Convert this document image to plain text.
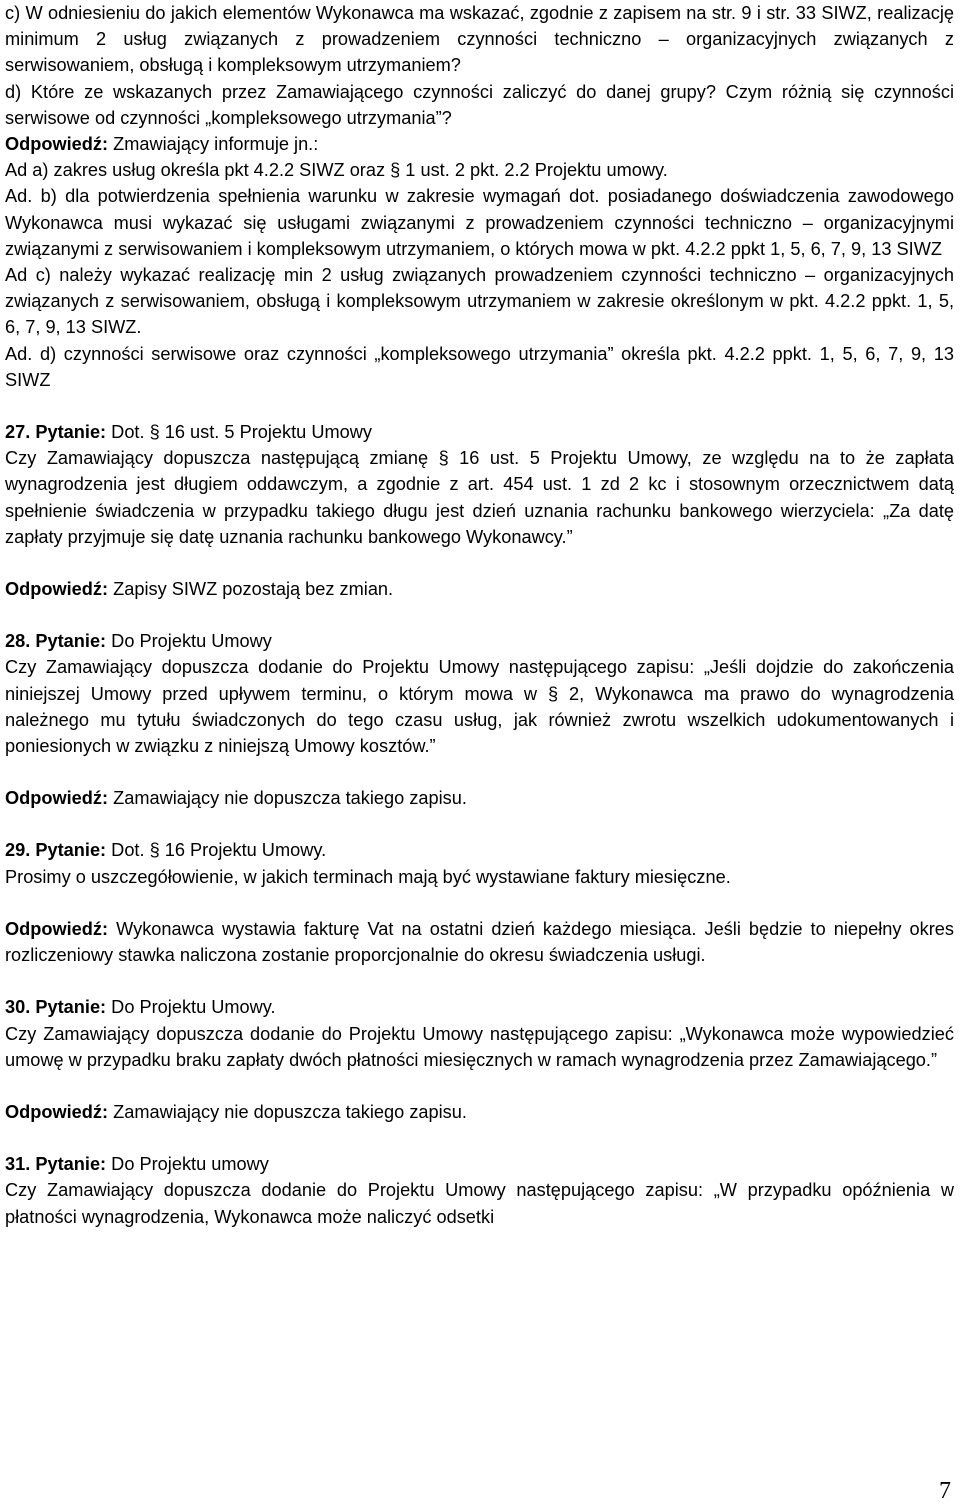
c) W odniesieniu do jakich elementów Wykonawca ma wskazać, zgodnie z zapisem na str. 9 i str. 33 SIWZ, realizację minimum 2 usług związanych z prowadzeniem czynności techniczno – organizacyjnych związanych z serwisowaniem, obsługą i kompleksowym utrzymaniem?

d) Które ze wskazanych przez Zamawiającego czynności zaliczyć do danej grupy? Czym różnią się czynności serwisowe od czynności „kompleksowego utrzymania”?

Odpowiedź: Zmawiający informuje jn.:

Ad a) zakres usług określa pkt 4.2.2 SIWZ oraz § 1 ust. 2 pkt. 2.2 Projektu umowy.

Ad. b) dla potwierdzenia spełnienia warunku w zakresie wymagań dot. posiadanego doświadczenia zawodowego Wykonawca musi wykazać się usługami związanymi z prowadzeniem czynności techniczno – organizacyjnymi związanymi z serwisowaniem i kompleksowym utrzymaniem, o których mowa w pkt. 4.2.2 ppkt 1, 5, 6, 7, 9, 13 SIWZ

Ad c) należy wykazać realizację min 2 usług związanych prowadzeniem czynności techniczno – organizacyjnych związanych z serwisowaniem, obsługą i kompleksowym utrzymaniem w zakresie określonym w pkt. 4.2.2 ppkt. 1, 5, 6, 7, 9, 13 SIWZ.

Ad. d) czynności serwisowe oraz czynności „kompleksowego utrzymania” określa pkt. 4.2.2 ppkt. 1, 5, 6, 7, 9, 13 SIWZ

27. Pytanie: Dot. § 16 ust. 5 Projektu Umowy

Czy Zamawiający dopuszcza następującą zmianę § 16 ust. 5 Projektu Umowy, ze względu na to że zapłata wynagrodzenia jest długiem oddawczym, a zgodnie z art. 454 ust. 1 zd 2 kc i stosownym orzecznictwem datą spełnienie świadczenia w przypadku takiego długu jest dzień uznania rachunku bankowego wierzyciela: „Za datę zapłaty przyjmuje się datę uznania rachunku bankowego Wykonawcy.”

Odpowiedź: Zapisy SIWZ pozostają bez zmian.

28. Pytanie: Do Projektu Umowy

Czy Zamawiający dopuszcza dodanie do Projektu Umowy następującego zapisu: „Jeśli dojdzie do zakończenia niniejszej Umowy przed upływem terminu, o którym mowa w § 2, Wykonawca ma prawo do wynagrodzenia należnego mu tytułu świadczonych do tego czasu usług, jak również zwrotu wszelkich udokumentowanych i poniesionych w związku z niniejszą Umowy kosztów.”

Odpowiedź: Zamawiający nie dopuszcza takiego zapisu.

29. Pytanie: Dot. § 16 Projektu Umowy.

Prosimy o uszczegółowienie, w jakich terminach mają być wystawiane faktury miesięczne.

Odpowiedź: Wykonawca wystawia fakturę Vat na ostatni dzień każdego miesiąca. Jeśli będzie to niepełny okres rozliczeniowy stawka naliczona zostanie proporcjonalnie do okresu świadczenia usługi.

30. Pytanie: Do Projektu Umowy.

Czy Zamawiający dopuszcza dodanie do Projektu Umowy następującego zapisu: „Wykonawca może wypowiedzieć umowę w przypadku braku zapłaty dwóch płatności miesięcznych w ramach wynagrodzenia przez Zamawiającego.”

Odpowiedź: Zamawiający nie dopuszcza takiego zapisu.

31. Pytanie: Do Projektu umowy

Czy Zamawiający dopuszcza dodanie do Projektu Umowy następującego zapisu: „W przypadku opóźnienia w płatności wynagrodzenia, Wykonawca może naliczyć odsetki

7
